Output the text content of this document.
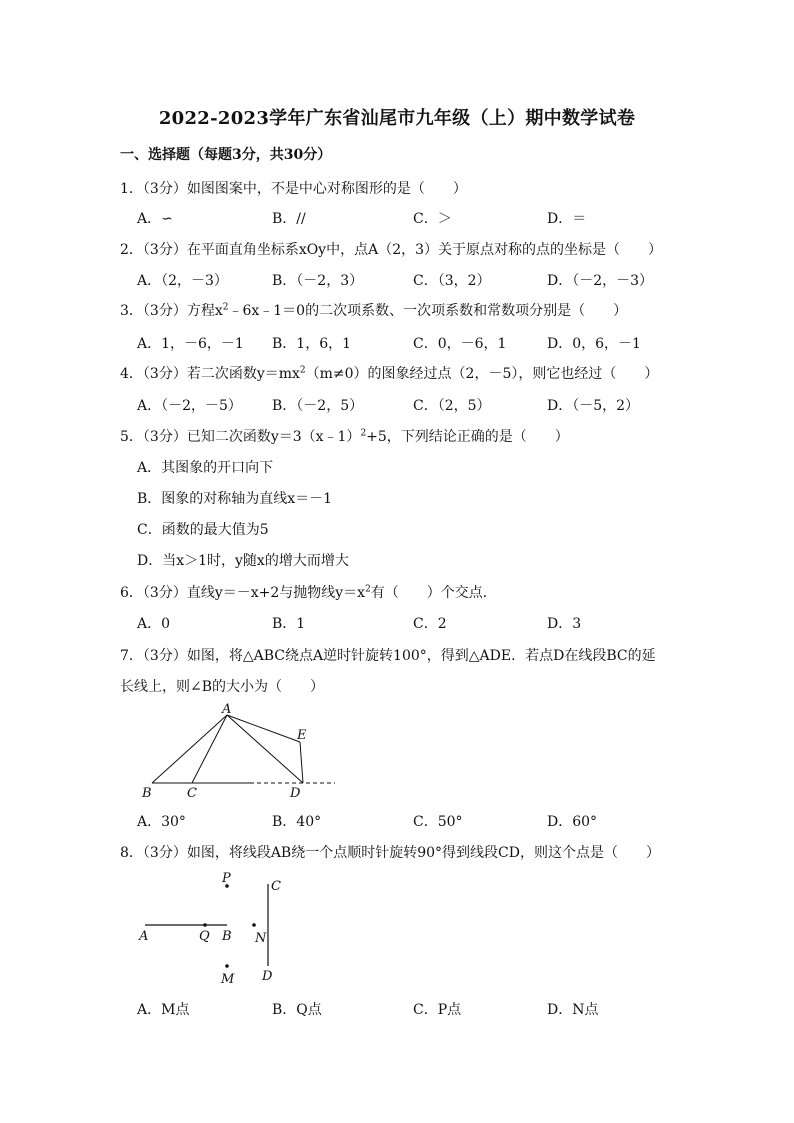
2022-2023学年广东省汕尾市九年级（上）期中数学试卷
一、选择题（每题3分，共30分）
1．（3分）如图图案中，不是中心对称图形的是（　　）
A．∽	B．//	C．＞	D．＝
2．（3分）在平面直角坐标系xOy中，点A（2，3）关于原点对称的点的坐标是（　　）
A．（2，－3）	B．（－2，3）	C．（3，2）	D．（－2，－3）
3．（3分）方程$x^2﹣6x﹣1=0$的二次项系数、一次项系数和常数项分别是（　　）
A．1，－6，－1 B．1，6，1	C．0，－6，1	D．0，6，－1
4．（3分）若二次函数$y=mx^2(m\ne 0)$的图象经过点（2，－5），则它也经过（　　）
A．（－2，－5） B．（－2，5）	C．（2，5）	D．（－5，2）
5．（3分）已知二次函数y＝3（x﹣1）$^2$+5，下列结论正确的是（　　）
A．其图象的开口向下
B．图象的对称轴为直线x＝－1
C．函数的最大值为5
D．当x＞1时，y随x的增大而增大
6．（3分）直线y＝－x+2与抛物线$y=x^2$有（　　）个交点．
A．0	B．1	C．2	D．3
7．（3分）如图，将△ABC绕点A逆时针旋转100°，得到△ADE．若点D在线段BC的延
长线上，则∠B的大小为（　　）
A
E
B	C	D
A．30°	B．40°	C．50°	D．60°
8．（3分）如图，将线段AB绕一个点顺时针旋转90°得到线段CD，则这个点是（　　）
P
C
A	Q B N
M D
A．M点	B．Q点	C．P点	D．N点
